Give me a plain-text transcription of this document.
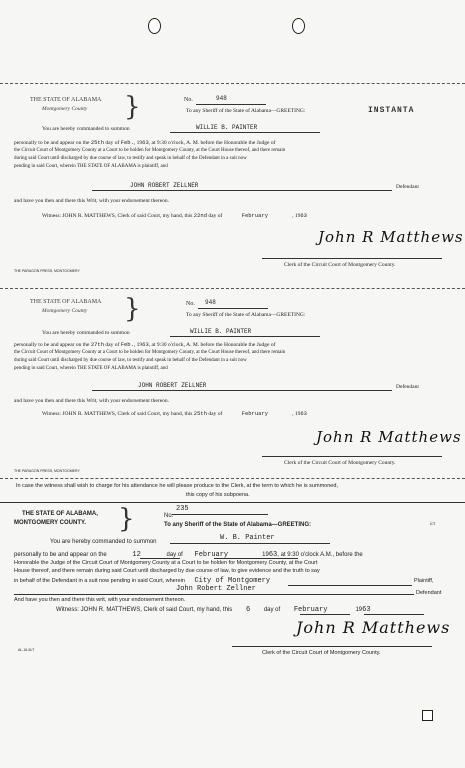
THE STATE OF ALABAMA
Montgomery County }	No.	948
To any Sheriff of the State of Alabama—GREETING:	INSTANTA
You are hereby commanded to summon	WILLIE B. PAINTER
personally to be and appear on the 25th day of Feb., 1963, at 9:30 o'clock, A. M. before the Honorable the Judge of
the Circuit Court of Montgomery County at a Court to be holden for Montgomery County, at the Court House thereof, and there remain
during said Court until discharged by due course of law, to testify and speak in behalf of the Defendant in a suit now
pending in said Court, wherein THE STATE OF ALABAMA is plaintiff, and
JOHN ROBERT ZELLNER	Defendant
and have you then and there this Writ, with your endorsement thereon.
Witness: JOHN R. MATTHEWS, Clerk of said Court, my hand, this 22nd day of	February	, 1963
John R Matthews
Clerk of the Circuit Court of Montgomery County.
THE PARAGON PRESS, MONTGOMERY
THE STATE OF ALABAMA
Montgomery County }	No. 948
To any Sheriff of the State of Alabama—GREETING:
You are hereby commanded to summon	WILLIE B. PAINTER
personally to be and appear on the 27th day of Feb., 1963, at 9:30 o'clock, A. M. before the Honorable the Judge of
the Circuit Court of Montgomery County at a Court to be holden for Montgomery County, at the Court House thereof, and there remain
during said Court until discharged by due course of law, to testify and speak in behalf of the Defendant in a suit now
pending in said Court, wherein THE STATE OF ALABAMA is plaintiff, and
JOHN ROBERT ZELLNER	Defendant
and have you then and there this Writ, with your endorsement thereon.
Witness: JOHN R. MATTHEWS, Clerk of said Court, my hand, this 25th day of	February	, 1963
John R Matthews
Clerk of the Circuit Court of Montgomery County.
THE PARAGON PRESS, MONTGOMERY
In case the witness shall wish to charge for his attendance he will please produce to the Clerk, at the term to which he is summoned,
this copy of his subpoena.
THE STATE OF ALABAMA,
MONTGOMERY COUNTY. }	No.
235
To any Sheriff of the State of Alabama—GREETING:	ict
You are hereby commanded to summon	W. B. Painter
personally to be and appear on the	12	day of February	1963, at 9:30 o'clock A.M., before the
Honorable the Judge of the Circuit Court of Montgomery County at a Court to be holden for Montgomery County, at the Court
House thereof, and there remain during said Court until discharged by due course of law, to give evidence and the truth to say
in behalf of the Defendant in a suit now pending in said Court, wherein City of Montgomery	Plaintiff,
John Robert Zellner	Defendant
And have you then and there this writ, with your endorsement thereon.
Witness: JOHN R. MATTHEWS, Clerk of said Court, my hand, this 6 day of February	1963
John R Matthews
Clerk of the Circuit Court of Montgomery County.
AL-16-5LT
